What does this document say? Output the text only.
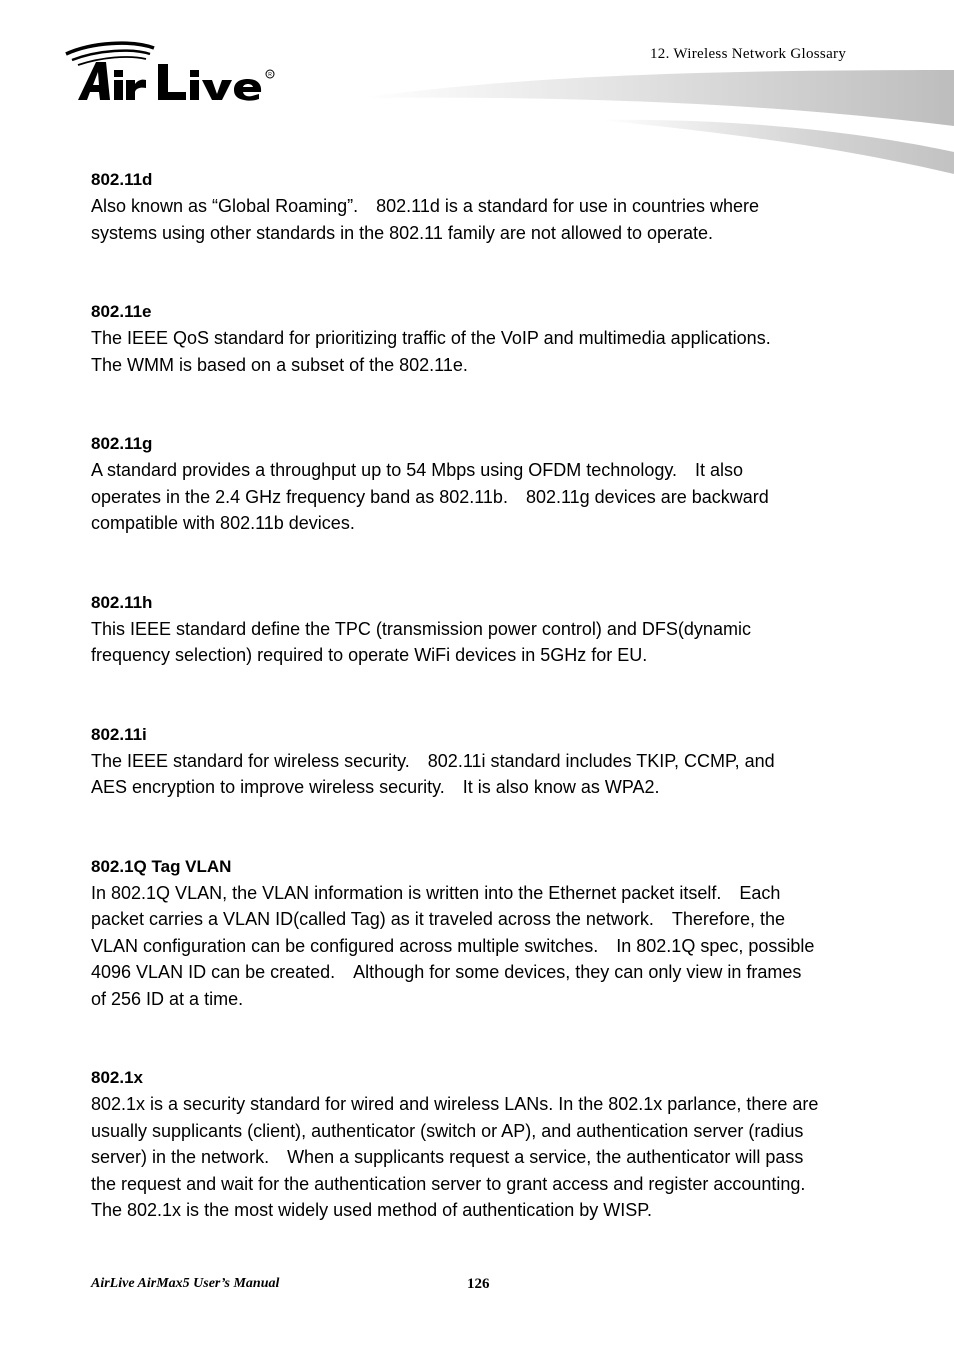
R
12. Wireless Network Glossary
802.11d
Also known as “Global Roaming”. 802.11d is a standard for use in countries where
systems using other standards in the 802.11 family are not allowed to operate.
802.11e
The IEEE QoS standard for prioritizing traffic of the VoIP and multimedia applications.
The WMM is based on a subset of the 802.11e.
802.11g
A standard provides a throughput up to 54 Mbps using OFDM technology. It also
operates in the 2.4 GHz frequency band as 802.11b. 802.11g devices are backward
compatible with 802.11b devices.
802.11h
This IEEE standard define the TPC (transmission power control) and DFS(dynamic
frequency selection) required to operate WiFi devices in 5GHz for EU.
802.11i
The IEEE standard for wireless security. 802.11i standard includes TKIP, CCMP, and
AES encryption to improve wireless security. It is also know as WPA2.
802.1Q Tag VLAN
In 802.1Q VLAN, the VLAN information is written into the Ethernet packet itself. Each
packet carries a VLAN ID(called Tag) as it traveled across the network. Therefore, the
VLAN configuration can be configured across multiple switches. In 802.1Q spec, possible
4096 VLAN ID can be created. Although for some devices, they can only view in frames
of 256 ID at a time.
802.1x
802.1x is a security standard for wired and wireless LANs. In the 802.1x parlance, there are
usually supplicants (client), authenticator (switch or AP), and authentication server (radius
server) in the network. When a supplicants request a service, the authenticator will pass
the request and wait for the authentication server to grant access and register accounting.
The 802.1x is the most widely used method of authentication by WISP.
AirLive AirMax5 User’s Manual	126
